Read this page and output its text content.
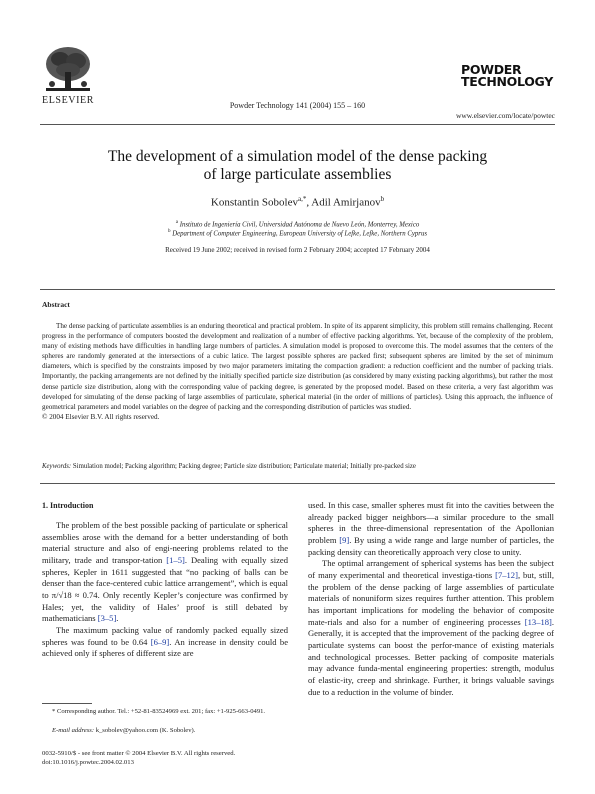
ELSEVIER	Powder Technology 141 (2004) 155 – 160
POWDER
TECHNOLOGY
www.elsevier.com/locate/powtec
The development of a simulation model of the dense packing
of large particulate assemblies
Konstantin Sobolev$^{a,*}$, Adil Amirjanov$^b$
$^a$ Instituto de Ingeniería Civil, Universidad Autónoma de Nuevo León, Monterrey, Mexico
$^b$ Department of Computer Engineering, European University of Lefke, Lefke, Northern Cyprus
Received 19 June 2002; received in revised form 2 February 2004; accepted 17 February 2004
Abstract

The dense packing of particulate assemblies is an enduring theoretical and practical problem. In spite of its apparent simplicity, this problem still remains challenging. Recent progress in the performance of computers boosted the development and realization of a number of effective packing algorithms. Yet, because of the complexity of the problem, many of existing methods have difficulties in handling large numbers of particles. A simulation model is proposed to overcome this. The model assumes that the centers of the spheres are randomly generated at the intersections of a cubic latice. The largest possible spheres are packed first; subsequent spheres are limited by the set of minimum diameters, which is specified by the constraints imposed by two major parameters imitating the compaction gradient: a reduction coefficient and the number of packing trials. Importantly, the packing arrangements are not defined by the initially specified particle size distribution (as considered by many existing packing algorithms), but rather the most dense particle size distribution, along with the corresponding value of packing degree, is generated by the proposed model. Based on these criteria, a very fast algorithm was developed for simulating of the dense packing of large assemblies of particulate, spherical material (in the order of millions of particles). Using this approach, the influence of geometrical parameters and model variables on the degree of packing and the corresponding distribution of particles was studied.

© 2004 Elsevier B.V. All rights reserved.

Keywords: Simulation model; Packing algorithm; Packing degree; Particle size distribution; Particulate material; Initially pre-packed size
1. Introduction

The problem of the best possible packing of particulate or spherical assemblies arose with the demand for a better understanding of both material structure and also of engi-neering problems related to the military, trade and transpor-tation [1–5]. Dealing with equally sized spheres, Kepler in 1611 suggested that “no packing of balls can be denser than the face-centered cubic lattice arrangement”, which is equal to π/√18 ≈ 0.74. Only recently Kepler’s conjecture was confirmed by Hales; yet, the validity of Hales’ proof is still debated by mathematicians [3–5].

The maximum packing value of randomly packed equally sized spheres was found to be 0.64 [6–9]. An increase in density could be achieved only if spheres of different size are

used. In this case, smaller spheres must fit into the cavities between the already packed bigger neighbors—a similar procedure to the small spheres in the three-dimensional representation of the Apollonian problem [9]. By using a wide range and large number of particles, the packing density can theoretically approach very close to unity.

The optimal arrangement of spherical systems has been the subject of many experimental and theoretical investiga-tions [7–12], but, still, the problem of the dense packing of large assemblies of particulate materials of nonuniform sizes requires further attention. This problem has important implications for modeling the behavior of composite mate-rials and also for a number of engineering processes [13–18]. Generally, it is accepted that the improvement of the packing degree of particulate systems can boost the perfor-mance of existing materials and technological processes. Better packing of composite materials may advance funda-mental engineering properties: strength, modulus of elastic-ity, creep and shrinkage. Further, it brings valuable savings due to a reduction in the volume of binder.

* Corresponding author. Tel.: +52-81-83524969 ext. 201; fax: +1-925-663-0491.
E-mail address: k_sobolev@yahoo.com (K. Sobolev).
0032-5910/$ - see front matter © 2004 Elsevier B.V. All rights reserved.
doi:10.1016/j.powtec.2004.02.013
